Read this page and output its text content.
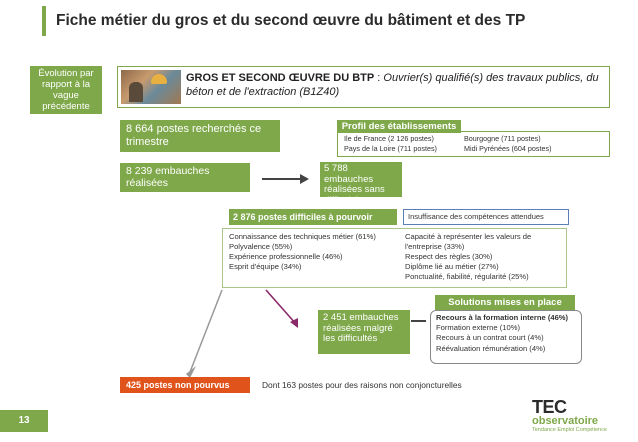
Fiche métier du gros et du second œuvre du bâtiment et des TP
Évolution par rapport à la vague précédente
GROS ET SECOND ŒUVRE DU BTP : Ouvrier(s) qualifié(s) des travaux publics, du béton et de l'extraction (B1Z40)
8 664 postes recherchés ce trimestre
Profil des établissements
Ile de France (2 126 postes)
Pays de la Loire (711 postes)
Bourgogne (711 postes)
Midi Pyrénées (604 postes)
8 239 embauches réalisées
5 788 embauches réalisées sans difficultés
2 876 postes difficiles à pourvoir	Insuffisance des compétences attendues
Connaissance des techniques métier (61%)
Polyvalence (55%)
Expérience professionnelle (46%)
Esprit d'équipe (34%)
Capacité à représenter les valeurs de l'entreprise (33%)
Respect des règles (30%)
Diplôme lié au métier (27%)
Ponctualité, fiabilité, régularité (25%)
2 451 embauches réalisées malgré les difficultés
Solutions mises en place
Recours à la formation interne (46%)
Formation externe (10%)
Recours à un contrat court (4%)
Réévaluation rémunération (4%)
425 postes non pourvus	Dont 163 postes pour des raisons non conjoncturelles
13
TEC
observatoire
Tendance Emploi Compétence
